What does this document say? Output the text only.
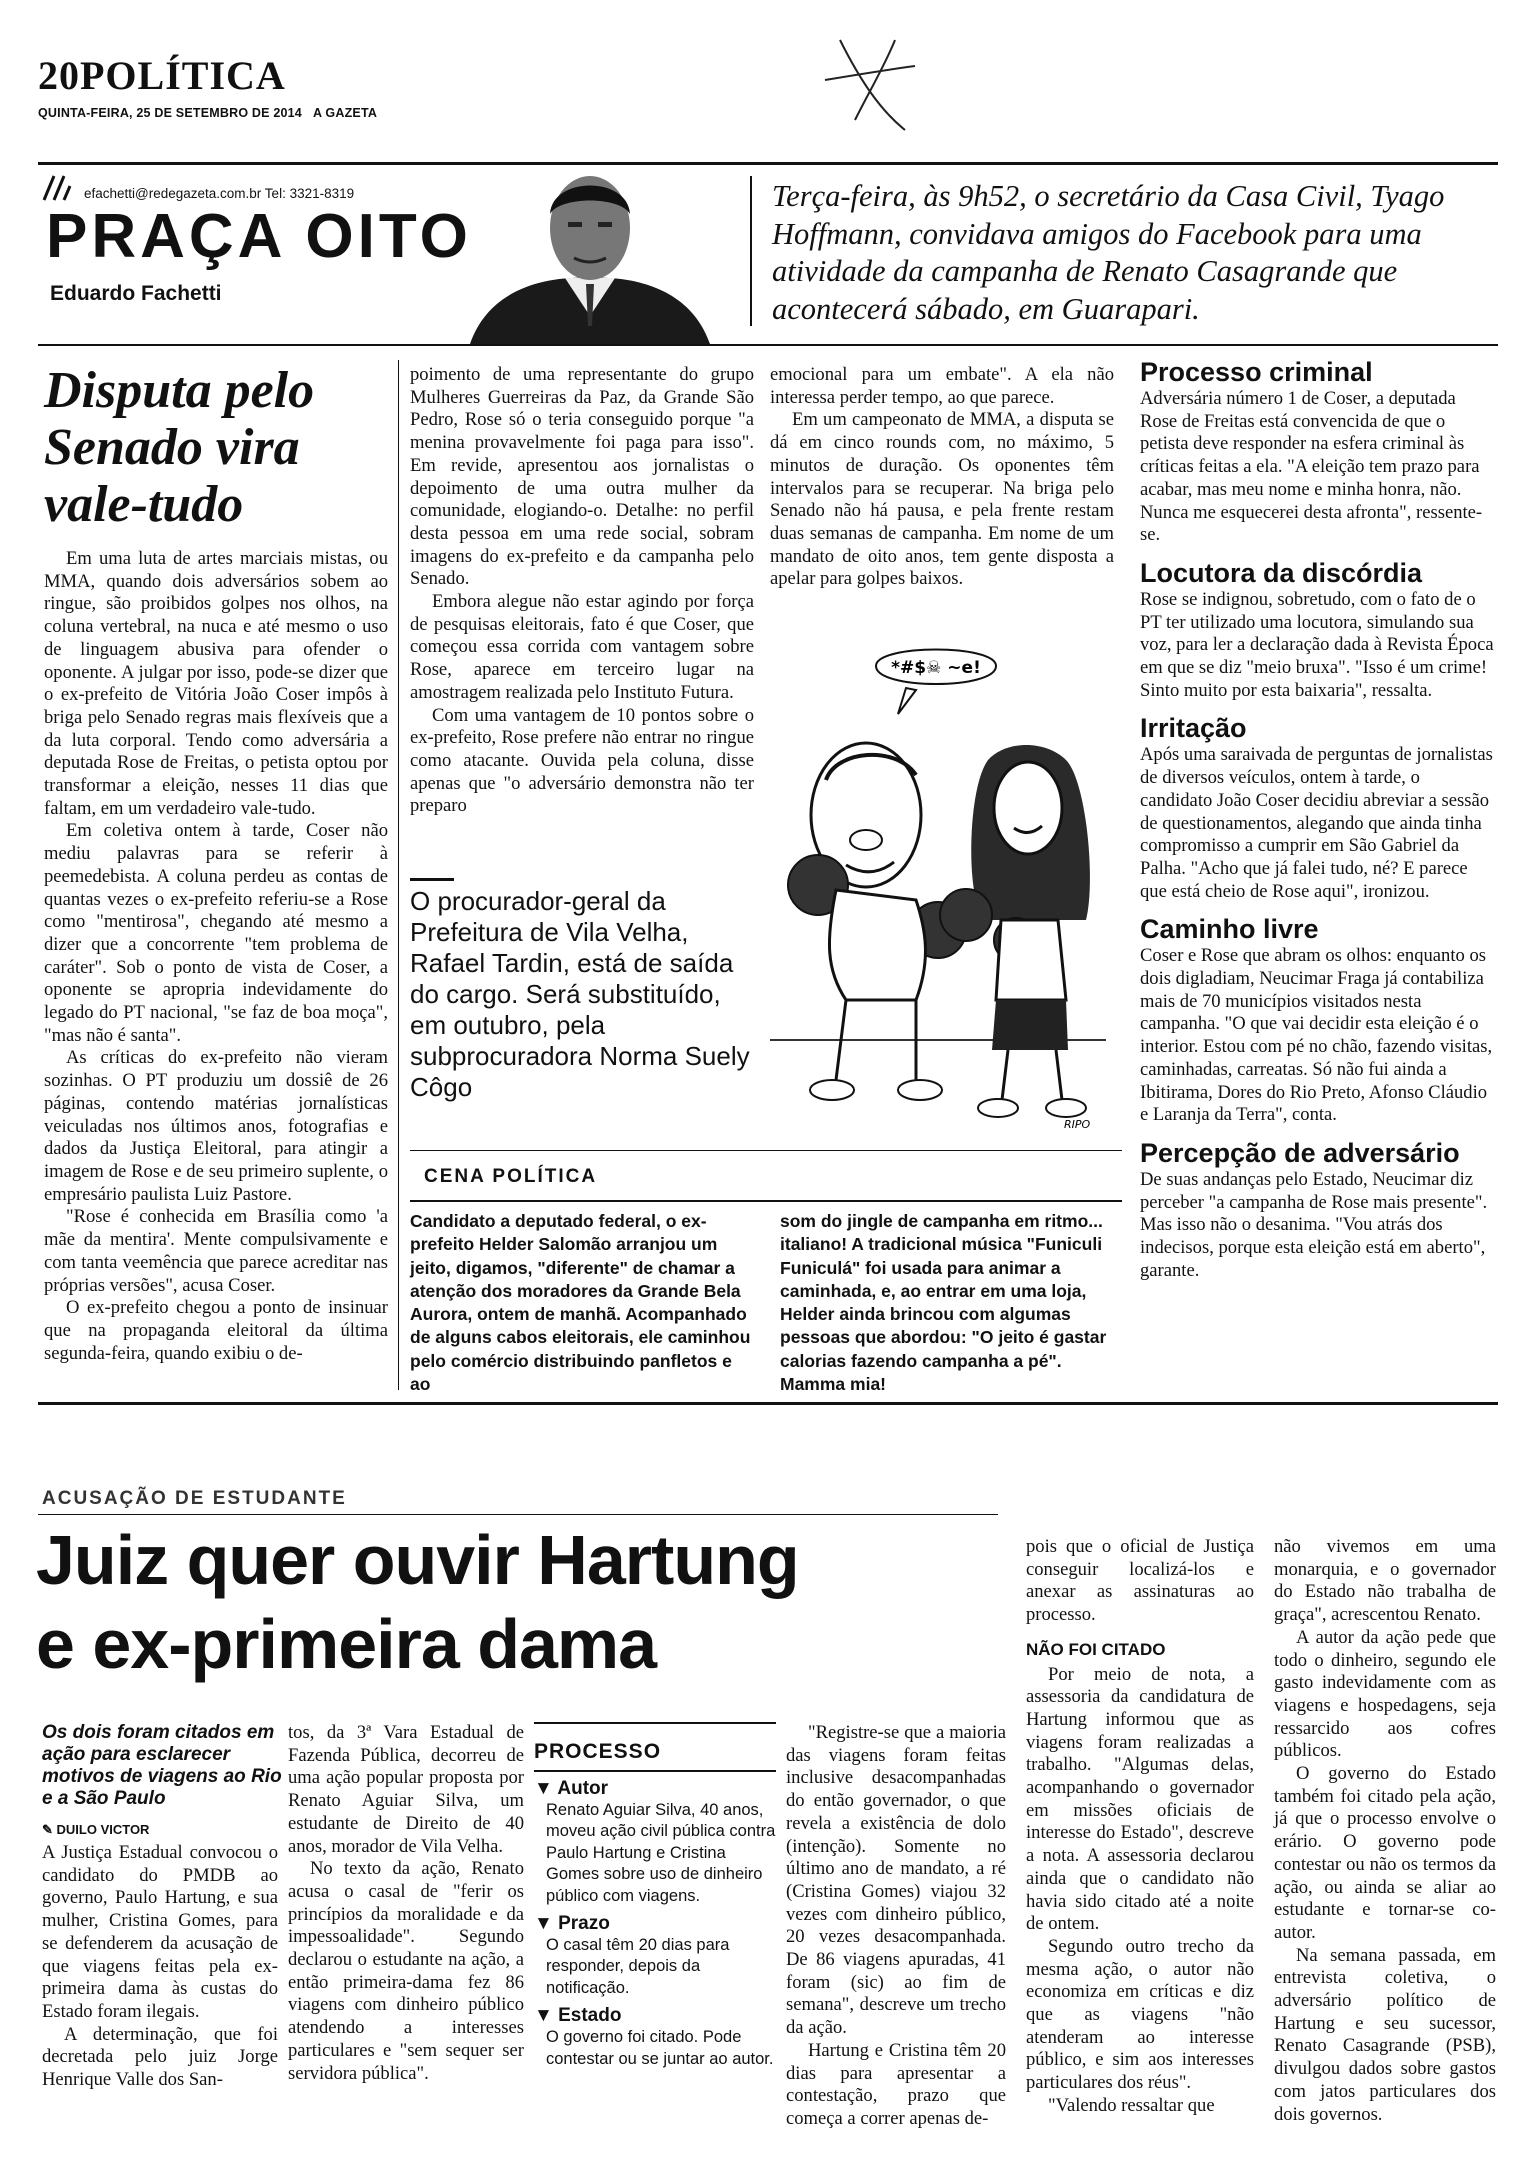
20POLÍTICA
QUINTA-FEIRA, 25 DE SETEMBRO DE 2014 A GAZETA
efachetti@redegazeta.com.br Tel: 3321-8319
PRAÇA OITO
Eduardo Fachetti
Terça-feira, às 9h52, o secretário da Casa Civil, Tyago Hoffmann, convidava amigos do Facebook para uma atividade da campanha de Renato Casagrande que acontecerá sábado, em Guarapari.
Disputa pelo Senado vira vale-tudo

Em uma luta de artes marciais mistas, ou MMA, quando dois adversários sobem ao ringue, são proibidos golpes nos olhos, na coluna vertebral, na nuca e até mesmo o uso de linguagem abusiva para ofender o oponente. A julgar por isso, pode-se dizer que o ex-prefeito de Vitória João Coser impôs à briga pelo Senado regras mais flexíveis que a da luta corporal. Tendo como adversária a deputada Rose de Freitas, o petista optou por transformar a eleição, nesses 11 dias que faltam, em um verdadeiro vale-tudo.

Em coletiva ontem à tarde, Coser não mediu palavras para se referir à peemedebista. A coluna perdeu as contas de quantas vezes o ex-prefeito referiu-se a Rose como "mentirosa", chegando até mesmo a dizer que a concorrente "tem problema de caráter". Sob o ponto de vista de Coser, a oponente se apropria indevidamente do legado do PT nacional, "se faz de boa moça", "mas não é santa".

As críticas do ex-prefeito não vieram sozinhas. O PT produziu um dossiê de 26 páginas, contendo matérias jornalísticas veiculadas nos últimos anos, fotografias e dados da Justiça Eleitoral, para atingir a imagem de Rose e de seu primeiro suplente, o empresário paulista Luiz Pastore.

"Rose é conhecida em Brasília como 'a mãe da mentira'. Mente compulsivamente e com tanta veemência que parece acreditar nas próprias versões", acusa Coser.

O ex-prefeito chegou a ponto de insinuar que na propaganda eleitoral da última segunda-feira, quando exibiu o de-

poimento de uma representante do grupo Mulheres Guerreiras da Paz, da Grande São Pedro, Rose só o teria conseguido porque "a menina provavelmente foi paga para isso". Em revide, apresentou aos jornalistas o depoimento de uma outra mulher da comunidade, elogiando-o. Detalhe: no perfil desta pessoa em uma rede social, sobram imagens do ex-prefeito e da campanha pelo Senado.

Embora alegue não estar agindo por força de pesquisas eleitorais, fato é que Coser, que começou essa corrida com vantagem sobre Rose, aparece em terceiro lugar na amostragem realizada pelo Instituto Futura.

Com uma vantagem de 10 pontos sobre o ex-prefeito, Rose prefere não entrar no ringue como atacante. Ouvida pela coluna, disse apenas que "o adversário demonstra não ter preparo

O procurador-geral da Prefeitura de Vila Velha, Rafael Tardin, está de saída do cargo. Será substituído, em outubro, pela subprocuradora Norma Suely Côgo

emocional para um embate". A ela não interessa perder tempo, ao que parece.

Em um campeonato de MMA, a disputa se dá em cinco rounds com, no máximo, 5 minutos de duração. Os oponentes têm intervalos para se recuperar. Na briga pelo Senado não há pausa, e pela frente restam duas semanas de campanha. Em nome de um mandato de oito anos, tem gente disposta a apelar para golpes baixos.

*#$☠ ~e!
RIPO
Processo criminal

Adversária número 1 de Coser, a deputada Rose de Freitas está convencida de que o petista deve responder na esfera criminal às críticas feitas a ela. "A eleição tem prazo para acabar, mas meu nome e minha honra, não. Nunca me esquecerei desta afronta", ressente-se.

Locutora da discórdia

Rose se indignou, sobretudo, com o fato de o PT ter utilizado uma locutora, simulando sua voz, para ler a declaração dada à Revista Época em que se diz "meio bruxa". "Isso é um crime! Sinto muito por esta baixaria", ressalta.

Irritação

Após uma saraivada de perguntas de jornalistas de diversos veículos, ontem à tarde, o candidato João Coser decidiu abreviar a sessão de questionamentos, alegando que ainda tinha compromisso a cumprir em São Gabriel da Palha. "Acho que já falei tudo, né? E parece que está cheio de Rose aqui", ironizou.

Caminho livre

Coser e Rose que abram os olhos: enquanto os dois digladiam, Neucimar Fraga já contabiliza mais de 70 municípios visitados nesta campanha. "O que vai decidir esta eleição é o interior. Estou com pé no chão, fazendo visitas, caminhadas, carreatas. Só não fui ainda a Ibitirama, Dores do Rio Preto, Afonso Cláudio e Laranja da Terra", conta.

Percepção de adversário

De suas andanças pelo Estado, Neucimar diz perceber "a campanha de Rose mais presente". Mas isso não o desanima. "Vou atrás dos indecisos, porque esta eleição está em aberto", garante.

CENA POLÍTICA
Candidato a deputado federal, o ex-prefeito Helder Salomão arranjou um jeito, digamos, "diferente" de chamar a atenção dos moradores da Grande Bela Aurora, ontem de manhã. Acompanhado de alguns cabos eleitorais, ele caminhou pelo comércio distribuindo panfletos e ao
som do jingle de campanha em ritmo... italiano! A tradicional música "Funiculi Funiculá" foi usada para animar a caminhada, e, ao entrar em uma loja, Helder ainda brincou com algumas pessoas que abordou: "O jeito é gastar calorias fazendo campanha a pé". Mamma mia!
ACUSAÇÃO DE ESTUDANTE
Juiz quer ouvir Hartung
e ex-primeira dama
Os dois foram citados em ação para esclarecer motivos de viagens ao Rio e a São Paulo
✎ DUILO VICTOR

A Justiça Estadual convocou o candidato do PMDB ao governo, Paulo Hartung, e sua mulher, Cristina Gomes, para se defenderem da acusação de que viagens feitas pela ex-primeira dama às custas do Estado foram ilegais.

A determinação, que foi decretada pelo juiz Jorge Henrique Valle dos San-

tos, da 3ª Vara Estadual de Fazenda Pública, decorreu de uma ação popular proposta por Renato Aguiar Silva, um estudante de Direito de 40 anos, morador de Vila Velha.

No texto da ação, Renato acusa o casal de "ferir os princípios da moralidade e da impessoalidade". Segundo declarou o estudante na ação, a então primeira-dama fez 86 viagens com dinheiro público atendendo a interesses particulares e "sem sequer ser servidora pública".

PROCESSO
▼ Autor

Renato Aguiar Silva, 40 anos, moveu ação civil pública contra Paulo Hartung e Cristina Gomes sobre uso de dinheiro público com viagens.

▼ Prazo

O casal têm 20 dias para responder, depois da notificação.

▼ Estado

O governo foi citado. Pode contestar ou se juntar ao autor.

"Registre-se que a maioria das viagens foram feitas inclusive desacompanhadas do então governador, o que revela a existência de dolo (intenção). Somente no último ano de mandato, a ré (Cristina Gomes) viajou 32 vezes com dinheiro público, 20 vezes desacompanhada. De 86 viagens apuradas, 41 foram (sic) ao fim de semana", descreve um trecho da ação.

Hartung e Cristina têm 20 dias para apresentar a contestação, prazo que começa a correr apenas de-

pois que o oficial de Justiça conseguir localizá-los e anexar as assinaturas ao processo.

NÃO FOI CITADO

Por meio de nota, a assessoria da candidatura de Hartung informou que as viagens foram realizadas a trabalho. "Algumas delas, acompanhando o governador em missões oficiais de interesse do Estado", descreve a nota. A assessoria declarou ainda que o candidato não havia sido citado até a noite de ontem.

Segundo outro trecho da mesma ação, o autor não economiza em críticas e diz que as viagens "não atenderam ao interesse público, e sim aos interesses particulares dos réus".

"Valendo ressaltar que

não vivemos em uma monarquia, e o governador do Estado não trabalha de graça", acrescentou Renato.

A autor da ação pede que todo o dinheiro, segundo ele gasto indevidamente com as viagens e hospedagens, seja ressarcido aos cofres públicos.

O governo do Estado também foi citado pela ação, já que o processo envolve o erário. O governo pode contestar ou não os termos da ação, ou ainda se aliar ao estudante e tornar-se co-autor.

Na semana passada, em entrevista coletiva, o adversário político de Hartung e seu sucessor, Renato Casagrande (PSB), divulgou dados sobre gastos com jatos particulares dos dois governos.
